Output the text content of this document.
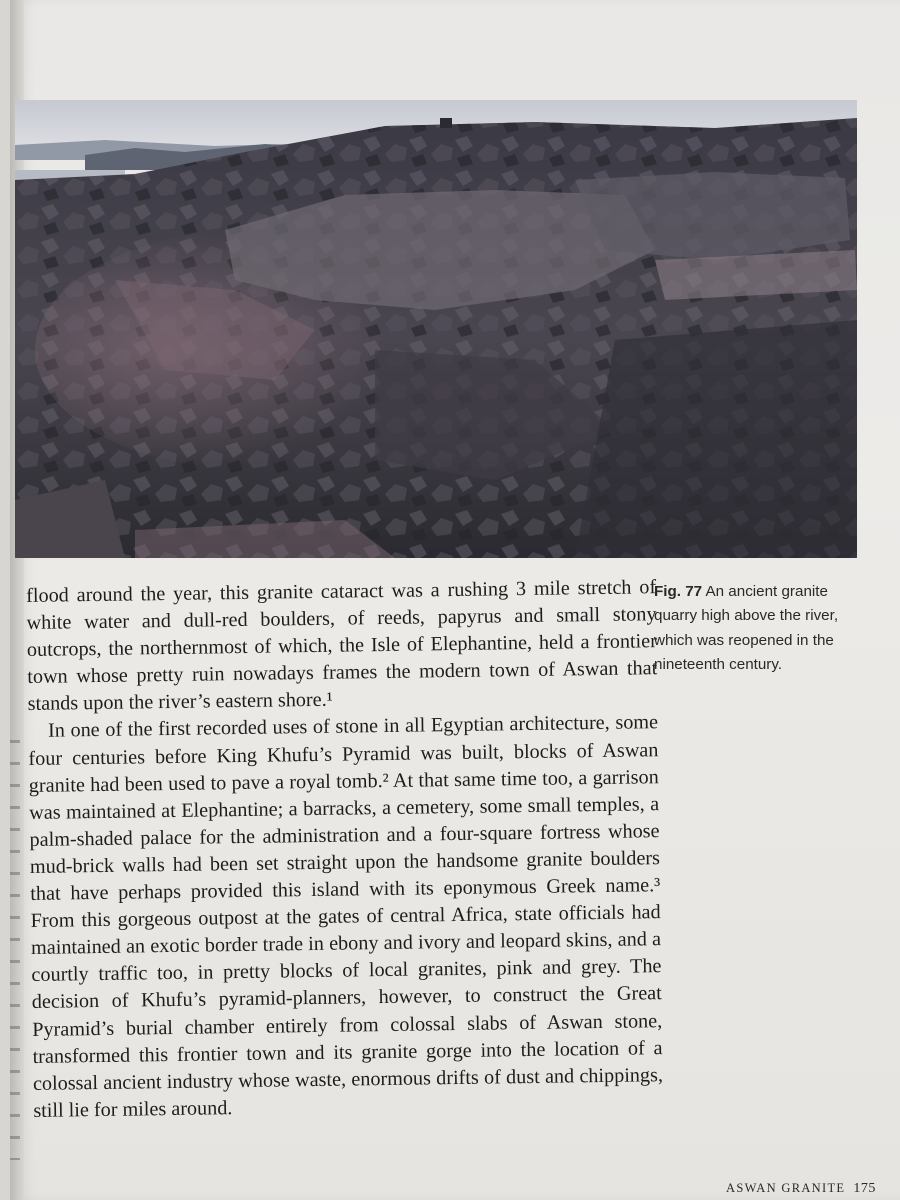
flood around the year, this granite cataract was a rushing 3 mile stretch of white water and dull-red boulders, of reeds, papyrus and small stony outcrops, the northernmost of which, the Isle of Elephantine, held a frontier town whose pretty ruin nowadays frames the modern town of Aswan that stands upon the river’s eastern shore.¹

In one of the first recorded uses of stone in all Egyptian architecture, some four centuries before King Khufu’s Pyramid was built, blocks of Aswan granite had been used to pave a royal tomb.² At that same time too, a garrison was maintained at Elephantine; a barracks, a cemetery, some small temples, a palm-shaded palace for the administration and a four-square fortress whose mud-brick walls had been set straight upon the handsome granite boulders that have perhaps provided this island with its eponymous Greek name.³ From this gorgeous outpost at the gates of central Africa, state officials had maintained an exotic border trade in ebony and ivory and leopard skins, and a courtly traffic too, in pretty blocks of local granites, pink and grey. The decision of Khufu’s pyramid-planners, however, to construct the Great Pyramid’s burial chamber entirely from colossal slabs of Aswan stone, transformed this frontier town and its granite gorge into the location of a colossal ancient industry whose waste, enormous drifts of dust and chippings, still lie for miles around.

Fig. 77 An ancient granite quarry high above the river, which was reopened in the nineteenth century.
ASWAN GRANITE 175
